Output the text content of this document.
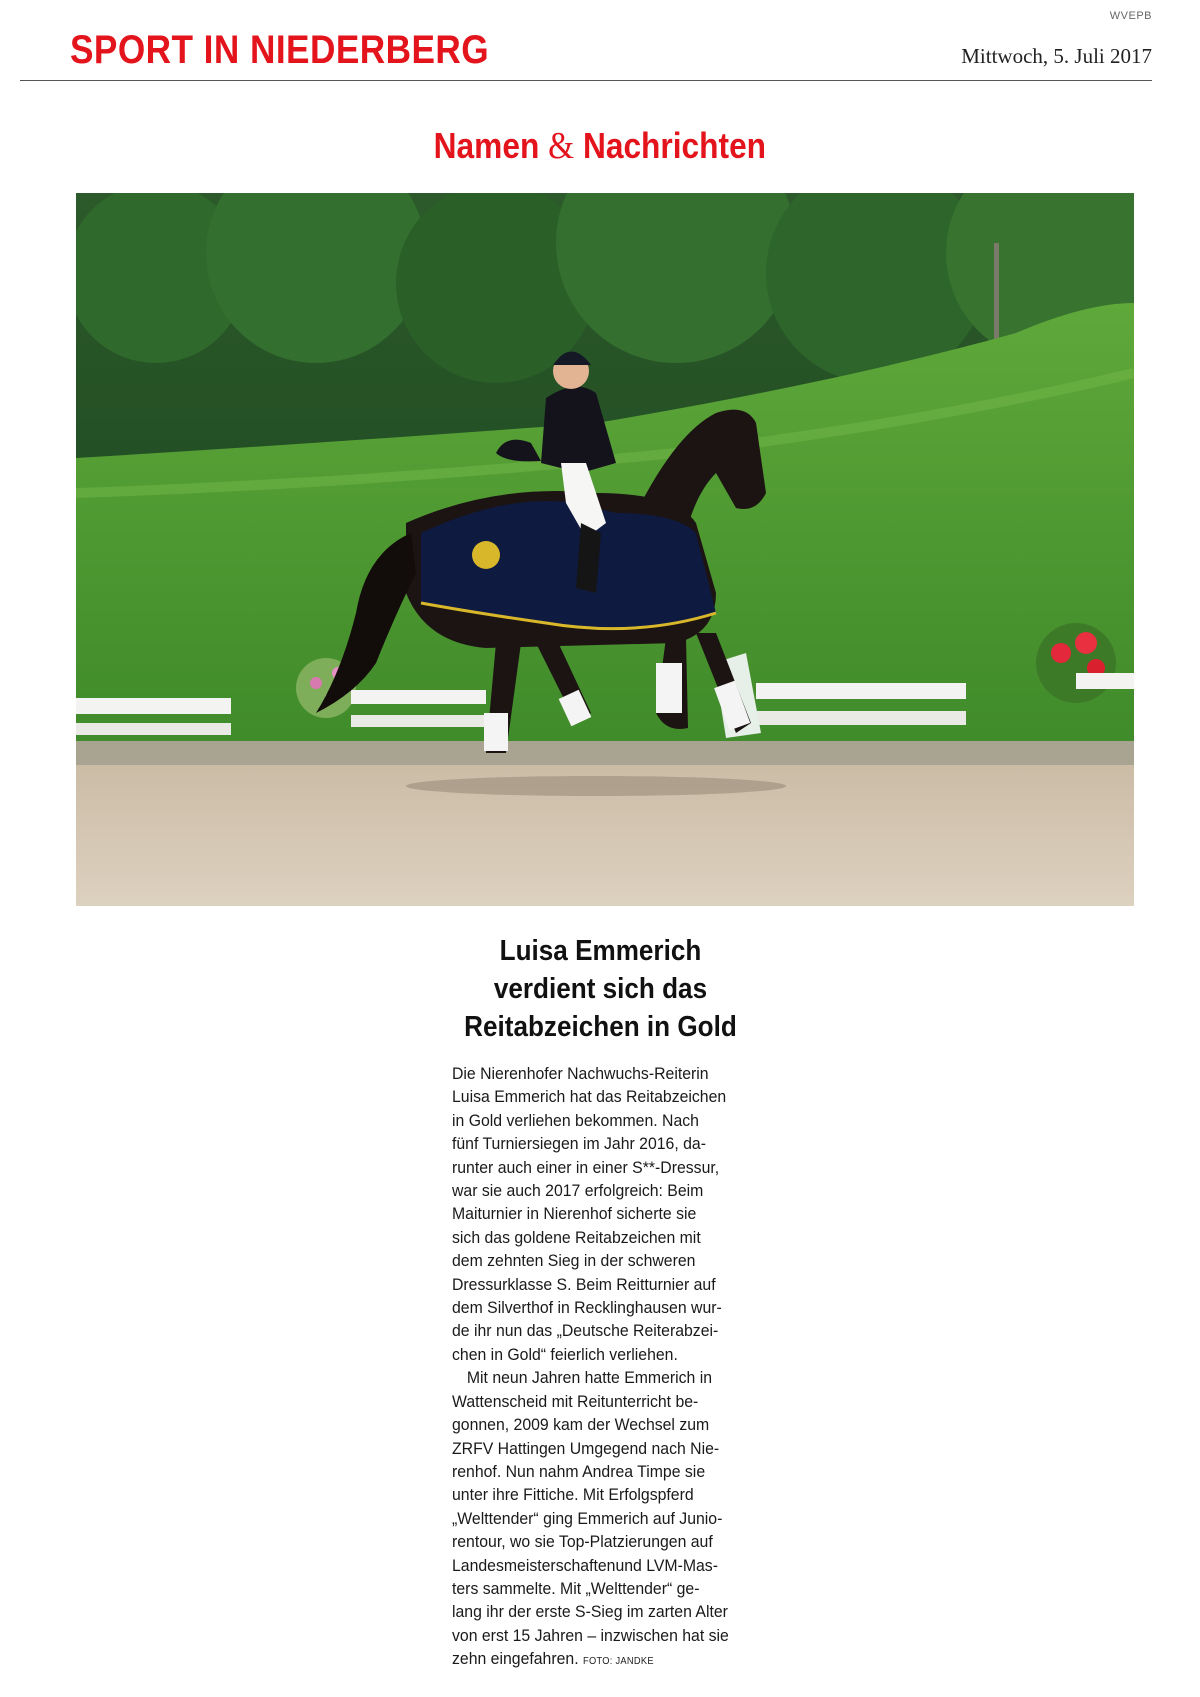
WVEPB
SPORT IN NIEDERBERG	Mittwoch, 5. Juli 2017
Namen & Nachrichten
Luisa Emmerich
verdient sich das
Reitabzeichen in Gold
Die Nierenhofer Nachwuchs-Reiterin
Luisa Emmerich hat das Reitabzeichen
in Gold verliehen bekommen. Nach
fünf Turniersiegen im Jahr 2016, da-
runter auch einer in einer S**-Dressur,
war sie auch 2017 erfolgreich: Beim
Maiturnier in Nierenhof sicherte sie
sich das goldene Reitabzeichen mit
dem zehnten Sieg in der schweren
Dressurklasse S. Beim Reitturnier auf
dem Silverthof in Recklinghausen wur-
de ihr nun das „Deutsche Reiterabzei-
chen in Gold“ feierlich verliehen.
Mit neun Jahren hatte Emmerich in
Wattenscheid mit Reitunterricht be-
gonnen, 2009 kam der Wechsel zum
ZRFV Hattingen Umgegend nach Nie-
renhof. Nun nahm Andrea Timpe sie
unter ihre Fittiche. Mit Erfolgspferd
„Welttender“ ging Emmerich auf Junio-
rentour, wo sie Top-Platzierungen auf
Landesmeisterschaftenund LVM-Mas-
ters sammelte. Mit „Welttender“ ge-
lang ihr der erste S-Sieg im zarten Alter
von erst 15 Jahren – inzwischen hat sie
zehn eingefahren. FOTO: JANDKE
